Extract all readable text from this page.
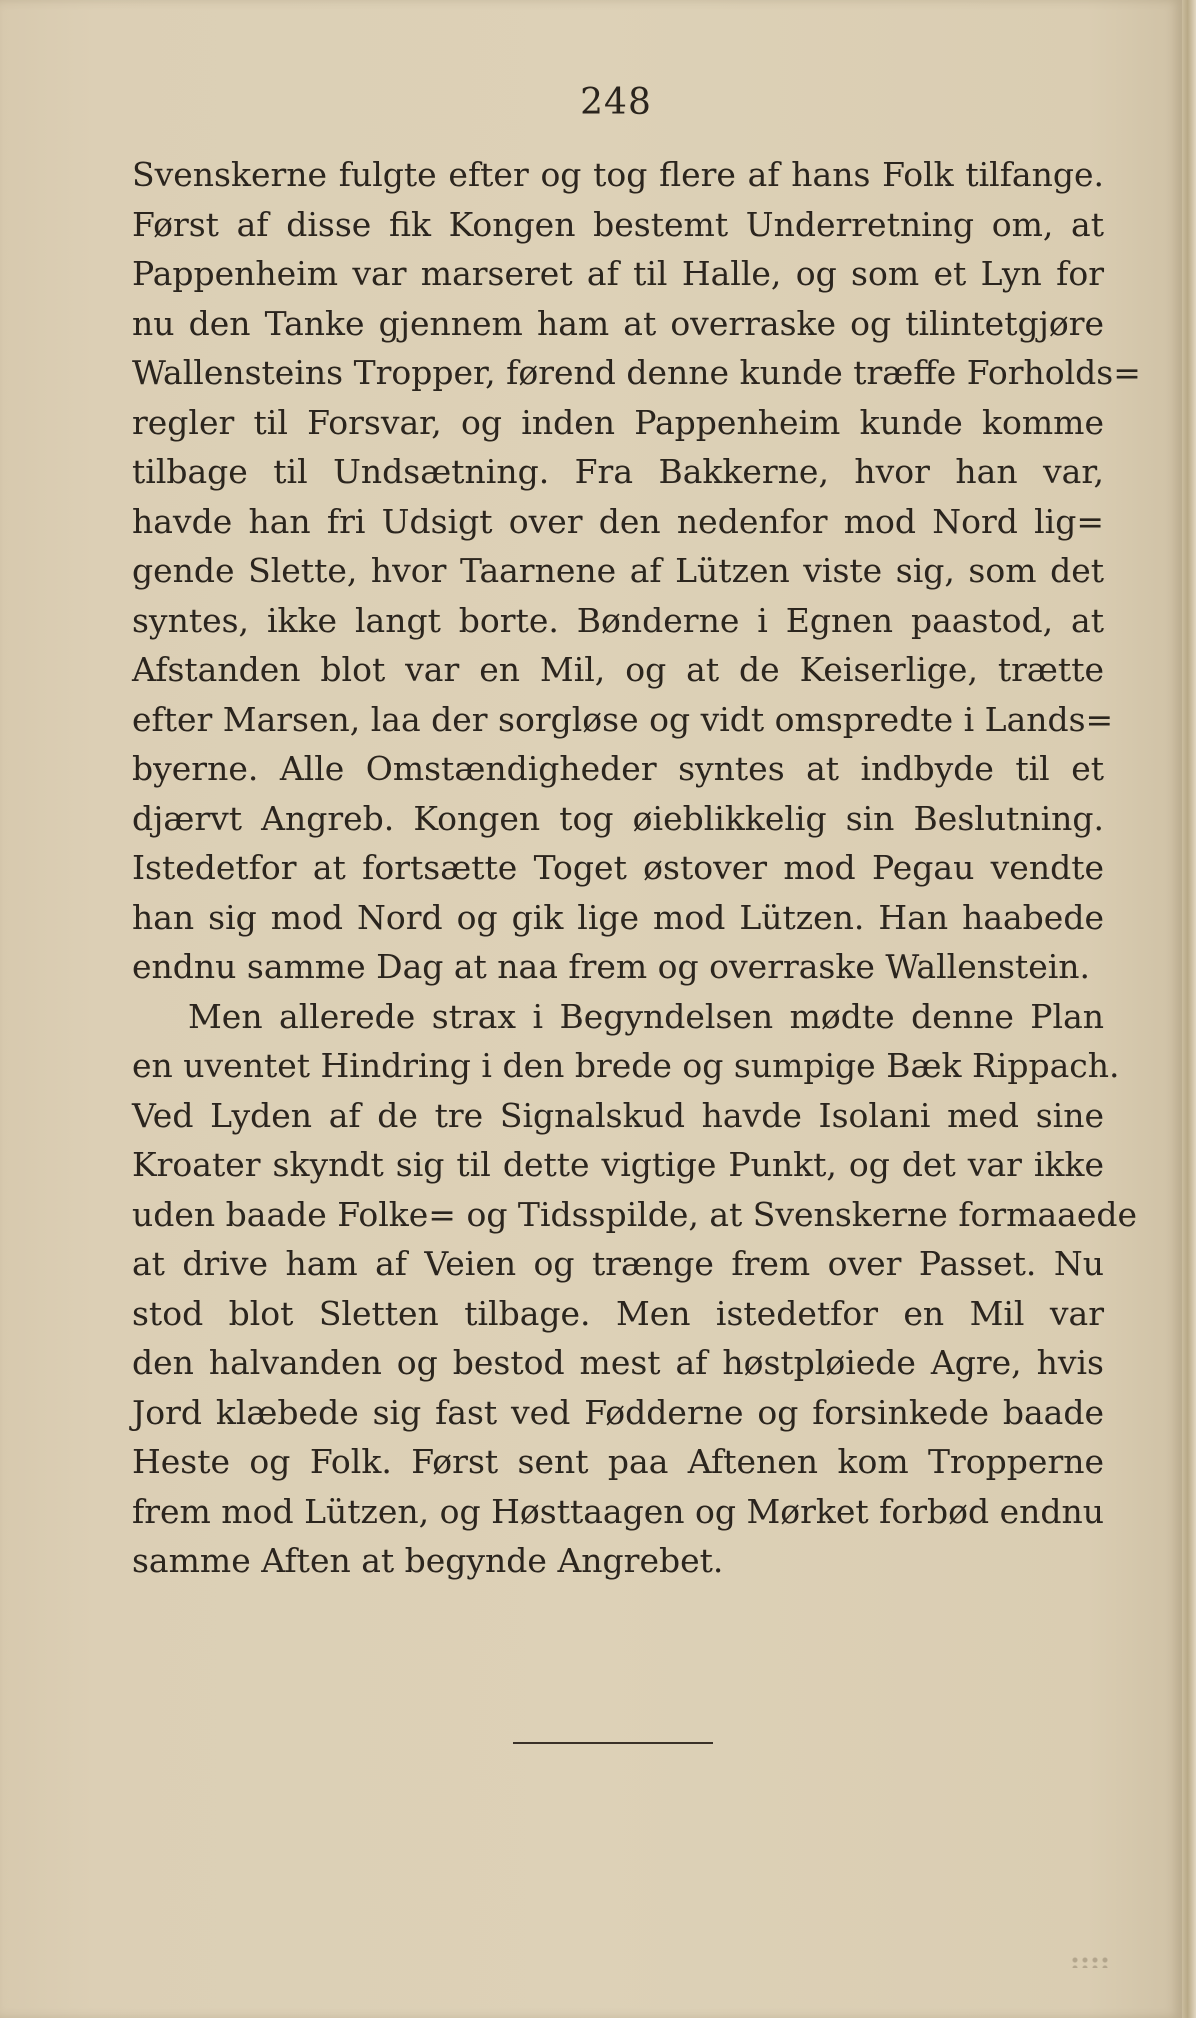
248
Svenskerne fulgte efter og tog flere af hans Folk tilfange.
Først af disse fik Kongen bestemt Underretning om, at
Pappenheim var marseret af til Halle, og som et Lyn for
nu den Tanke gjennem ham at overraske og tilintetgjøre
Wallensteins Tropper, førend denne kunde træffe Forholds=
regler til Forsvar, og inden Pappenheim kunde komme
tilbage til Undsætning. Fra Bakkerne, hvor han var,
havde han fri Udsigt over den nedenfor mod Nord lig=
gende Slette, hvor Taarnene af Lützen viste sig, som det
syntes, ikke langt borte. Bønderne i Egnen paastod, at
Afstanden blot var en Mil, og at de Keiserlige, trætte
efter Marsen, laa der sorgløse og vidt omspredte i Lands=
byerne. Alle Omstændigheder syntes at indbyde til et
djærvt Angreb. Kongen tog øieblikkelig sin Beslutning.
Istedetfor at fortsætte Toget østover mod Pegau vendte
han sig mod Nord og gik lige mod Lützen. Han haabede
endnu samme Dag at naa frem og overraske Wallenstein.
Men allerede strax i Begyndelsen mødte denne Plan
en uventet Hindring i den brede og sumpige Bæk Rippach.
Ved Lyden af de tre Signalskud havde Isolani med sine
Kroater skyndt sig til dette vigtige Punkt, og det var ikke
uden baade Folke= og Tidsspilde, at Svenskerne formaaede
at drive ham af Veien og trænge frem over Passet. Nu
stod blot Sletten tilbage. Men istedetfor en Mil var
den halvanden og bestod mest af høstpløiede Agre, hvis
Jord klæbede sig fast ved Fødderne og forsinkede baade
Heste og Folk. Først sent paa Aftenen kom Tropperne
frem mod Lützen, og Høsttaagen og Mørket forbød endnu
samme Aften at begynde Angrebet.
